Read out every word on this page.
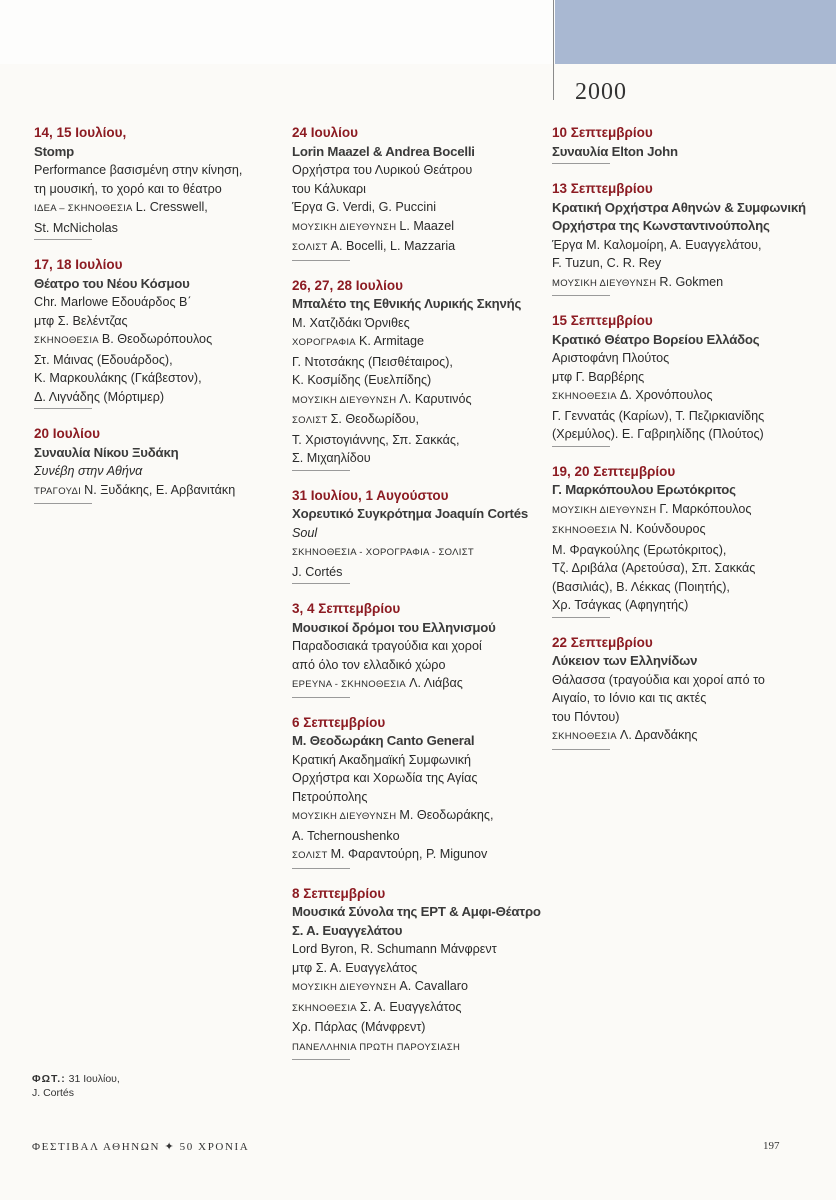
2000
14, 15 Ιουλίου,
Stomp
Performance βασισμένη στην κίνηση,
τη μουσική, το χορό και το θέατρο
ΙΔΕΑ – ΣΚΗΝΟΘΕΣΙΑ L. Cresswell,
St. McNicholas
17, 18 Ιουλίου
Θέατρο του Νέου Κόσμου
Chr. Marlowe Εδουάρδος Β΄
μτφ Σ. Βελέντζας
ΣΚΗΝΟΘΕΣΙΑ Β. Θεοδωρόπουλος
Στ. Μάινας (Εδουάρδος),
Κ. Μαρκουλάκης (Γκάβεστον),
Δ. Λιγνάδης (Μόρτιμερ)
20 Ιουλίου
Συναυλία Νίκου Ξυδάκη
Συνέβη στην Αθήνα
ΤΡΑΓΟΥΔΙ Ν. Ξυδάκης, Ε. Αρβανιτάκη
24 Ιουλίου
Lorin Maazel & Andrea Bocelli
Ορχήστρα του Λυρικού Θεάτρου
του Κάλυκαρι
Έργα G. Verdi, G. Puccini
ΜΟΥΣΙΚΗ ΔΙΕΥΘΥΝΣΗ L. Maazel
ΣΟΛΙΣΤ A. Bocelli, L. Mazzaria
26, 27, 28 Ιουλίου
Μπαλέτο της Εθνικής Λυρικής Σκηνής
Μ. Χατζιδάκι Όρνιθες
ΧΟΡΟΓΡΑΦΙΑ K. Armitage
Γ. Ντοτσάκης (Πεισθέταιρος),
Κ. Κοσμίδης (Ευελπίδης)
ΜΟΥΣΙΚΗ ΔΙΕΥΘΥΝΣΗ Λ. Καρυτινός
ΣΟΛΙΣΤ Σ. Θεοδωρίδου,
Τ. Χριστογιάννης, Σπ. Σακκάς,
Σ. Μιχαηλίδου
31 Ιουλίου, 1 Αυγούστου
Χορευτικό Συγκρότημα Joaquín Cortés
Soul
ΣΚΗΝΟΘΕΣΙΑ - ΧΟΡΟΓΡΑΦΙΑ - ΣΟΛΙΣΤ
J. Cortés
3, 4 Σεπτεμβρίου
Μουσικοί δρόμοι του Ελληνισμού
Παραδοσιακά τραγούδια και χοροί
από όλο τον ελλαδικό χώρο
ΕΡΕΥΝΑ - ΣΚΗΝΟΘΕΣΙΑ Λ. Λιάβας
6 Σεπτεμβρίου
Μ. Θεοδωράκη Canto General
Κρατική Ακαδημαϊκή Συμφωνική
Ορχήστρα και Χορωδία της Αγίας
Πετρούπολης
ΜΟΥΣΙΚΗ ΔΙΕΥΘΥΝΣΗ Μ. Θεοδωράκης,
A. Tchernoushenko
ΣΟΛΙΣΤ Μ. Φαραντούρη, P. Migunov
8 Σεπτεμβρίου
Μουσικά Σύνολα της ΕΡΤ & Αμφι-Θέατρο Σ. Α. Ευαγγελάτου
Lord Byron, R. Schumann Μάνφρεντ
μτφ Σ. Α. Ευαγγελάτος
ΜΟΥΣΙΚΗ ΔΙΕΥΘΥΝΣΗ A. Cavallaro
ΣΚΗΝΟΘΕΣΙΑ Σ. Α. Ευαγγελάτος
Χρ. Πάρλας (Μάνφρεντ)
ΠΑΝΕΛΛΗΝΙΑ ΠΡΩΤΗ ΠΑΡΟΥΣΙΑΣΗ
10 Σεπτεμβρίου
Συναυλία Elton John
13 Σεπτεμβρίου
Κρατική Ορχήστρα Αθηνών & Συμφωνική Ορχήστρα της Κωνσταντινούπολης
Έργα Μ. Καλομοίρη, Α. Ευαγγελάτου,
F. Tuzun, C. R. Rey
ΜΟΥΣΙΚΗ ΔΙΕΥΘΥΝΣΗ R. Gokmen
15 Σεπτεμβρίου
Κρατικό Θέατρο Βορείου Ελλάδος
Αριστοφάνη Πλούτος
μτφ Γ. Βαρβέρης
ΣΚΗΝΟΘΕΣΙΑ Δ. Χρονόπουλος
Γ. Γεννατάς (Καρίων), Τ. Πεζιρκιανίδης
(Χρεμύλος). Ε. Γαβριηλίδης (Πλούτος)
19, 20 Σεπτεμβρίου
Γ. Μαρκόπουλου Ερωτόκριτος
ΜΟΥΣΙΚΗ ΔΙΕΥΘΥΝΣΗ Γ. Μαρκόπουλος
ΣΚΗΝΟΘΕΣΙΑ Ν. Κούνδουρος
Μ. Φραγκούλης (Ερωτόκριτος),
Τζ. Δριβάλα (Αρετούσα), Σπ. Σακκάς
(Βασιλιάς), Β. Λέκκας (Ποιητής),
Χρ. Τσάγκας (Αφηγητής)
22 Σεπτεμβρίου
Λύκειον των Ελληνίδων
Θάλασσα (τραγούδια και χοροί από το
Αιγαίο, το Ιόνιο και τις ακτές
του Πόντου)
ΣΚΗΝΟΘΕΣΙΑ Λ. Δρανδάκης
ΦΩΤ.: 31 Ιουλίου,
J. Cortés
ΦΕΣΤΙΒΑΛ ΑΘΗΝΩΝ ✦ 50 ΧΡΟΝΙΑ	197
